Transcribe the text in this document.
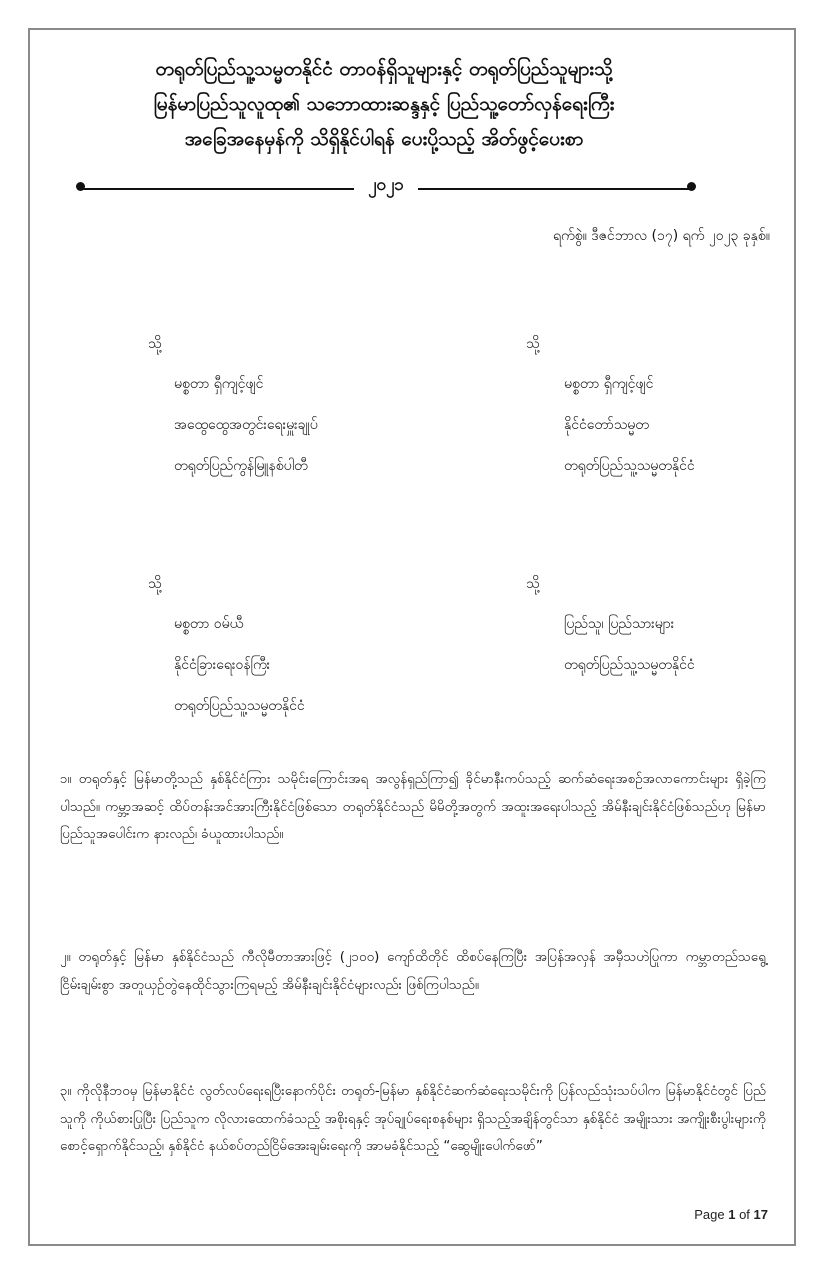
တရုတ်ပြည်သူ့သမ္မတနိုင်ငံ တာဝန်ရှိသူများနှင့် တရုတ်ပြည်သူများသို့
မြန်မာပြည်သူလူထု၏ သဘောထားဆန္ဒနှင့် ပြည်သူ့တော်လှန်ရေးကြီး
အခြေအနေမှန်ကို သိရှိနိုင်ပါရန် ပေးပို့သည့် အိတ်ဖွင့်ပေးစာ
၂၀၂၁
ရက်စွဲ။ ဒီဇင်ဘာလ (၁၇) ရက် ၂၀၂၃ ခုနှစ်။
သို့
မစ္စတာ ရှီကျင့်ဖျင်
အထွေထွေအတွင်းရေးမှူးချုပ်
တရုတ်ပြည်ကွန်မြူနစ်ပါတီ
သို့
မစ္စတာ ရှီကျင့်ဖျင်
နိုင်ငံတော်သမ္မတ
တရုတ်ပြည်သူ့သမ္မတနိုင်ငံ
သို့
မစ္စတာ ဝမ်ယီ
နိုင်ငံခြားရေးဝန်ကြီး
တရုတ်ပြည်သူ့သမ္မတနိုင်ငံ
သို့
ပြည်သူ၊ ပြည်သားများ
တရုတ်ပြည်သူ့သမ္မတနိုင်ငံ
၁။ တရုတ်နှင့် မြန်မာတို့သည် နှစ်နိုင်ငံကြား သမိုင်းကြောင်းအရ အလွန်ရှည်ကြာ၍ ခိုင်မာနီးကပ်သည့် ဆက်ဆံရေးအစဉ်အလာကောင်းများ ရှိခဲ့ကြပါသည်။ ကမ္ဘာ့အဆင့် ထိပ်တန်းအင်အားကြီးနိုင်ငံဖြစ်သော တရုတ်နိုင်ငံသည် မိမိတို့အတွက် အထူးအရေးပါသည့် အိမ်နီးချင်းနိုင်ငံဖြစ်သည်ဟု မြန်မာပြည်သူအပေါင်းက နားလည်၊ ခံယူထားပါသည်။
၂။ တရုတ်နှင့် မြန်မာ နှစ်နိုင်ငံသည် ကီလိုမီတာအားဖြင့် (၂၁၀၀) ကျော်ထိတိုင် ထိစပ်နေကြပြီး အပြန်အလှန် အမှီသဟဲပြုကာ ကမ္ဘာတည်သရွေ့ ငြိမ်းချမ်းစွာ အတူယှဉ်တွဲနေထိုင်သွားကြရမည့် အိမ်နီးချင်းနိုင်ငံများလည်း ဖြစ်ကြပါသည်။
၃။ ကိုလိုနီဘဝမှ မြန်မာနိုင်ငံ လွတ်လပ်ရေးရပြီးနောက်ပိုင်း တရုတ်-မြန်မာ နှစ်နိုင်ငံဆက်ဆံရေးသမိုင်းကို ပြန်လည်သုံးသပ်ပါက မြန်မာနိုင်ငံတွင် ပြည်သူကို ကိုယ်စားပြုပြီး ပြည်သူက လိုလားထောက်ခံသည့် အစိုးရနှင့် အုပ်ချုပ်ရေးစနစ်များ ရှိသည့်အချိန်တွင်သာ နှစ်နိုင်ငံ အမျိုးသား အကျိုးစီးပွါးများကို စောင့်ရှောက်နိုင်သည့်၊ နှစ်နိုင်ငံ နယ်စပ်တည်ငြိမ်အေးချမ်းရေးကို အာမခံနိုင်သည့် “ဆွေမျိုးပေါက်ဖော်”
Page 1 of 17
